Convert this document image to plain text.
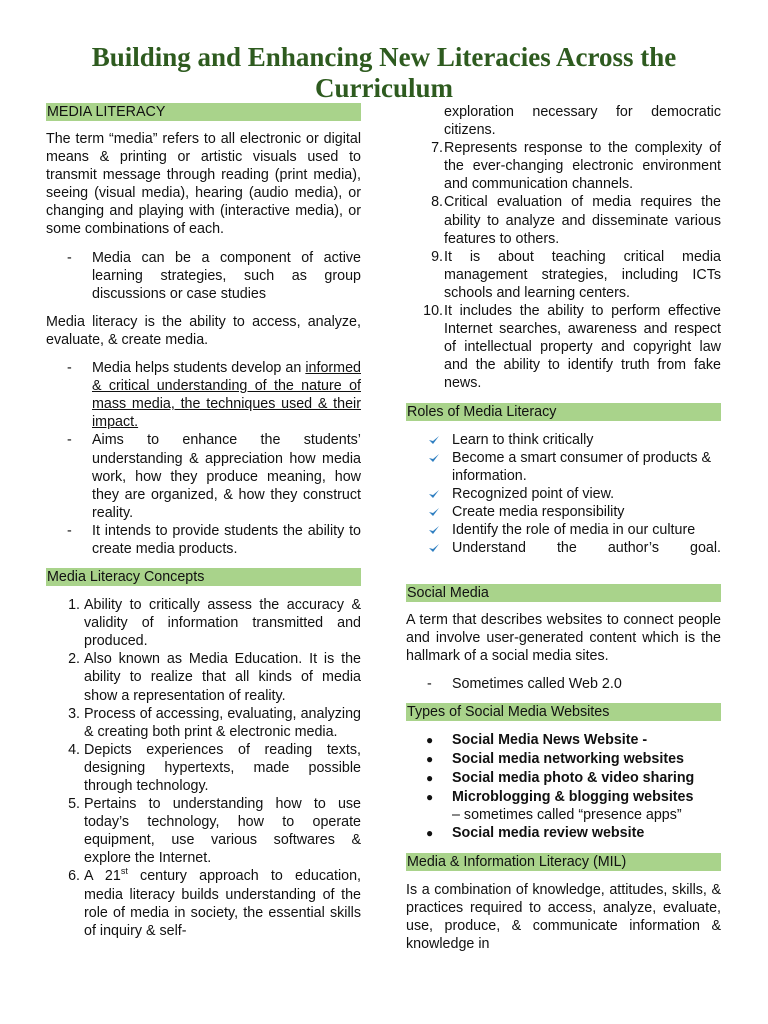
Building and Enhancing New Literacies Across the Curriculum
MEDIA LITERACY

The term “media” refers to all electronic or digital means & printing or artistic visuals used to transmit message through reading (print media), seeing (visual media), hearing (audio media), or changing and playing with (interactive media), or some combinations of each.

- Media can be a component of active learning strategies, such as group discussions or case studies

Media literacy is the ability to access, analyze, evaluate, & create media.

- Media helps students develop an informed & critical understanding of the nature of mass media, the techniques used & their impact.
- Aims to enhance the students’ understanding & appreciation how media work, how they produce meaning, how they are organized, & how they construct reality.
- It intends to provide students the ability to create media products.
Media Literacy Concepts
1. Ability to critically assess the accuracy & validity of information transmitted and produced.
2. Also known as Media Education. It is the ability to realize that all kinds of media show a representation of reality.
3. Process of accessing, evaluating, analyzing & creating both print & electronic media.
4. Depicts experiences of reading texts, designing hypertexts, made possible through technology.
5. Pertains to understanding how to use today’s technology, how to operate equipment, use various softwares & explore the Internet.
6. A 21st century approach to education, media literacy builds understanding of the role of media in society, the essential skills of inquiry & self-
exploration necessary for democratic citizens.
7. Represents response to the complexity of the ever-changing electronic environment and communication channels.
8. Critical evaluation of media requires the ability to analyze and disseminate various features to others.
9. It is about teaching critical media management strategies, including ICTs schools and learning centers.
10. It includes the ability to perform effective Internet searches, awareness and respect of intellectual property and copyright law and the ability to identify truth from fake news.
Roles of Media Literacy
Learn to think critically
Become a smart consumer of products & information.
Recognized point of view.
Create media responsibility
Identify the role of media in our culture
Understand the author’s goal.
Social Media

A term that describes websites to connect people and involve user-generated content which is the hallmark of a social media sites.

- Sometimes called Web 2.0
Types of Social Media Websites
● Social Media News Website -
● Social media networking websites
● Social media photo & video sharing
● Microblogging & blogging websites
– sometimes called “presence apps”
● Social media review website
Media & Information Literacy (MIL)

Is a combination of knowledge, attitudes, skills, & practices required to access, analyze, evaluate, use, produce, & communicate information & knowledge in
